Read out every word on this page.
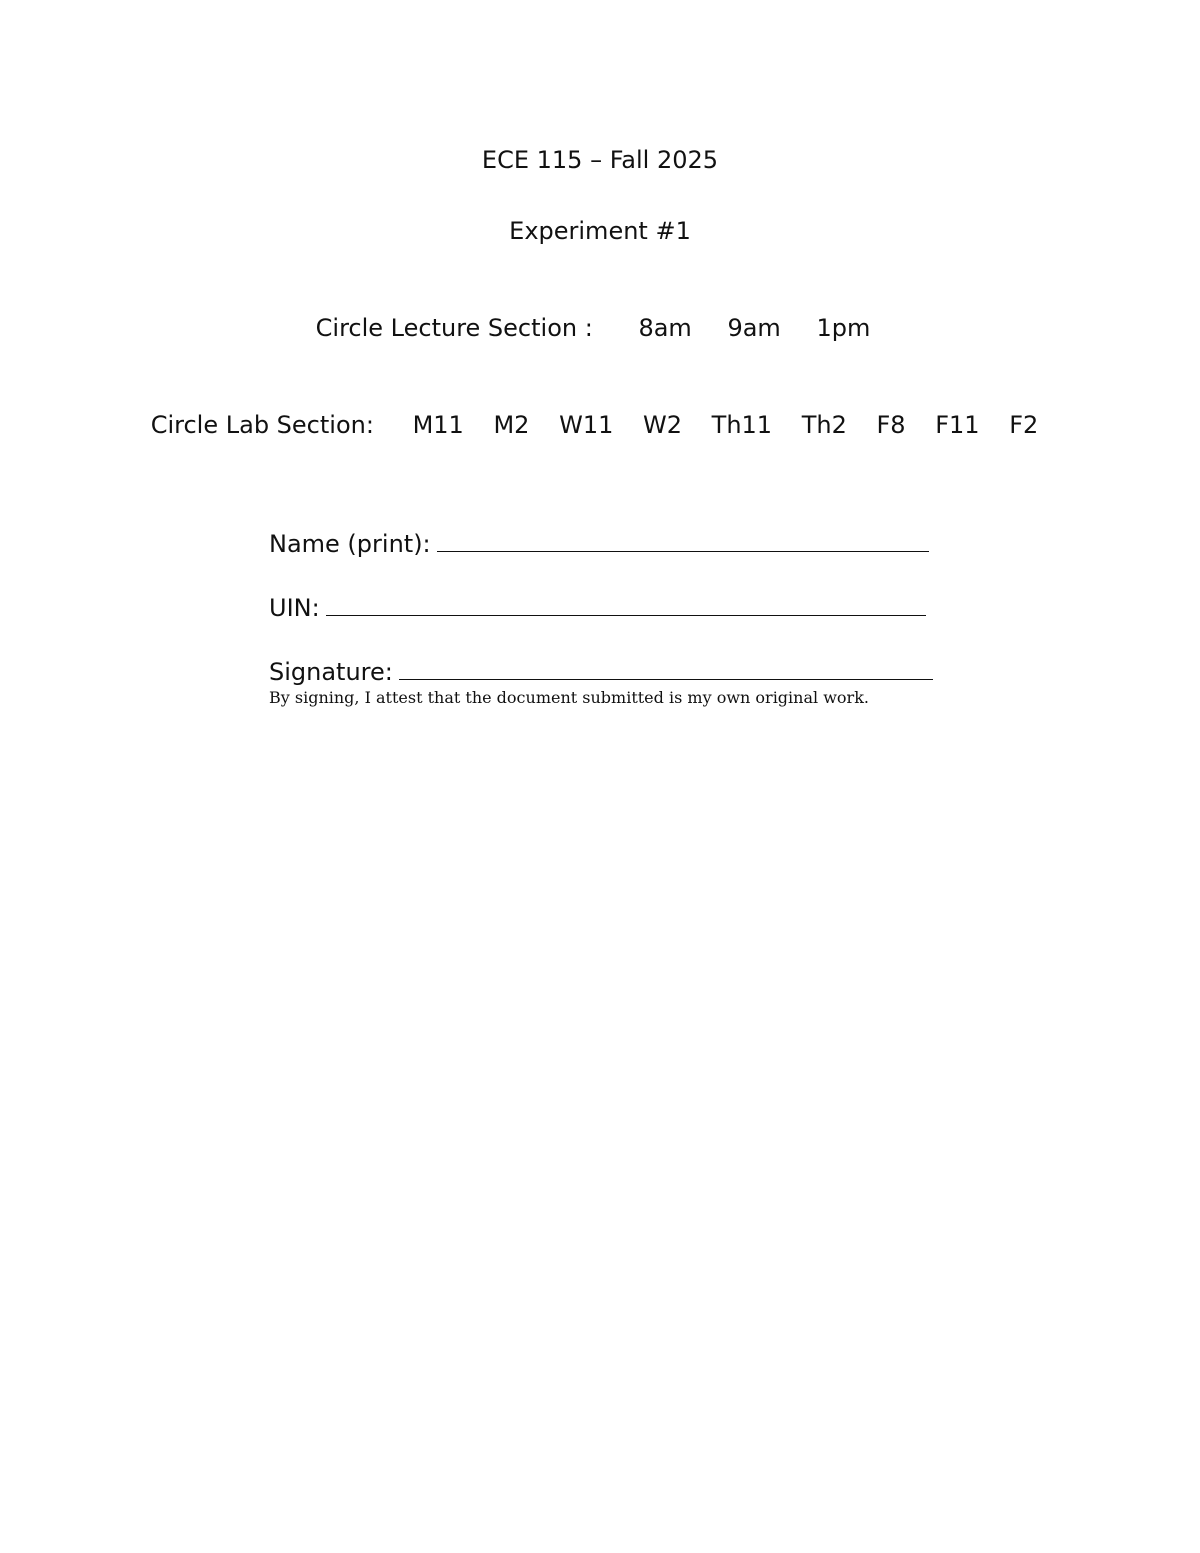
ECE 115 – Fall 2025
Experiment #1
Circle Lecture Section : 8am 9am 1pm
Circle Lab Section: M11 M2 W11 W2 Th11 Th2 F8 F11 F2
Name (print):
UIN:
Signature:
By signing, I attest that the document submitted is my own original work.
